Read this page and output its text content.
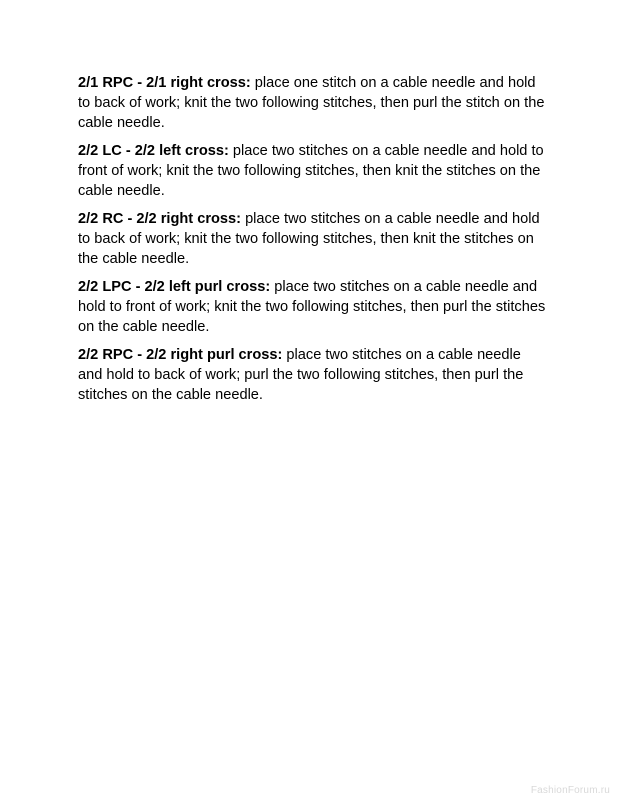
2/1 RPC - 2/1 right cross: place one stitch on a cable needle and hold to back of work; knit the two following stitches, then purl the stitch on the cable needle.

2/2 LC - 2/2 left cross: place two stitches on a cable needle and hold to front of work; knit the two following stitches, then knit the stitches on the cable needle.

2/2 RC - 2/2 right cross: place two stitches on a cable needle and hold to back of work; knit the two following stitches, then knit the stitches on the cable needle.

2/2 LPC - 2/2 left purl cross: place two stitches on a cable needle and hold to front of work; knit the two following stitches, then purl the stitches on the cable needle.

2/2 RPC - 2/2 right purl cross: place two stitches on a cable needle and hold to back of work; purl the two following stitches, then purl the stitches on the cable needle.

FashionForum.ru
